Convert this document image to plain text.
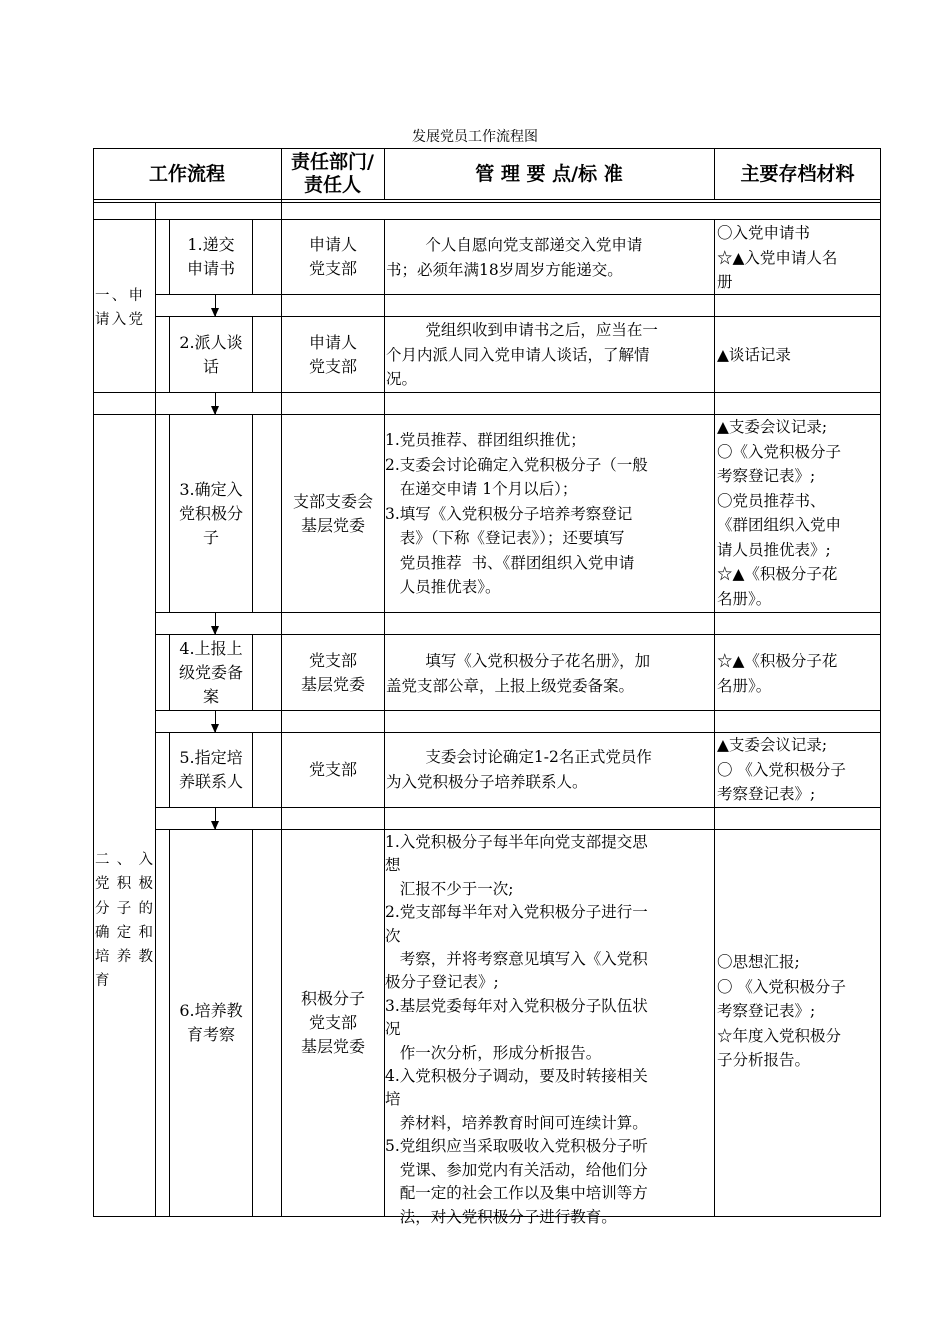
发展党员工作流程图
工作流程
责任部门/
责任人	管 理 要 点/标 准	主要存档材料
一、申
请入党
二、入
党积极
分子的
确定和
培养教
育
1.递交
申请书
申请人
党支部
个人自愿向党支部递交入党申请
书；必须年满18岁周岁方能递交。
〇入党申请书
☆▲入党申请人名
册
2.派人谈
话
申请人
党支部
党组织收到申请书之后，应当在一
个月内派人同入党申请人谈话，了解情
况。
▲谈话记录
3.确定入
党积极分
子
支部支委会
基层党委
1.党员推荐、群团组织推优；
2.支委会讨论确定入党积极分子（一般
在递交申请 1个月以后）；
3.填写《入党积极分子培养考察登记
表》（下称《登记表》）；还要填写
党员推荐  书、《群团组织入党申请
人员推优表》。
▲支委会议记录;
〇《入党积极分子
考察登记表》;
〇党员推荐书、
《群团组织入党申
请人员推优表》;
☆▲《积极分子花
名册》。
4.上报上
级党委备
案
党支部
基层党委
填写《入党积极分子花名册》，加
盖党支部公章，上报上级党委备案。
☆▲《积极分子花
名册》。
5.指定培
养联系人
党支部
支委会讨论确定1-2名正式党员作
为入党积极分子培养联系人。
▲支委会议记录;
〇 《入党积极分子
考察登记表》;
6.培养教
育考察
积极分子
党支部
基层党委
1.入党积极分子每半年向党支部提交思
想
汇报不少于一次;
2.党支部每半年对入党积极分子进行一
次
考察，并将考察意见填写入《入党积
极分子登记表》;
3.基层党委每年对入党积极分子队伍状
况
作一次分析，形成分析报告。
4.入党积极分子调动，要及时转接相关
培
养材料，培养教育时间可连续计算。
5.党组织应当采取吸收入党积极分子听
党课、参加党内有关活动，给他们分
配一定的社会工作以及集中培训等方
法，对入党积极分子进行教育。
〇思想汇报;
〇 《入党积极分子
考察登记表》;
☆年度入党积极分
子分析报告。
